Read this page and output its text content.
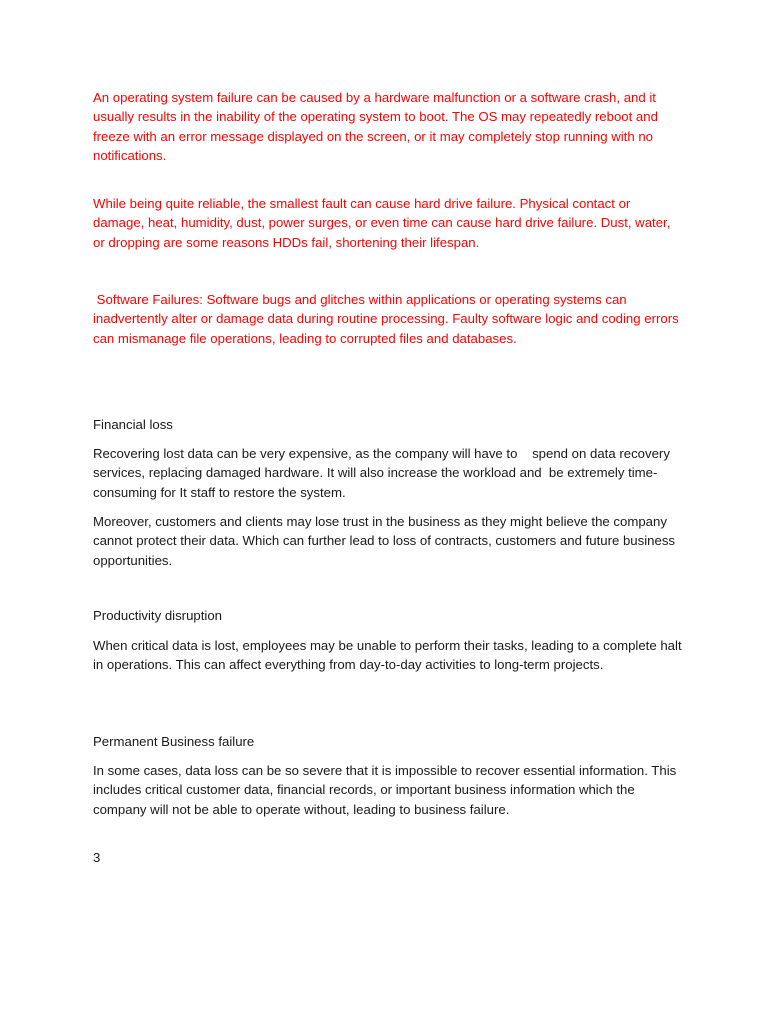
An operating system failure can be caused by a hardware malfunction or a software crash, and it usually results in the inability of the operating system to boot. The OS may repeatedly reboot and freeze with an error message displayed on the screen, or it may completely stop running with no notifications.

While being quite reliable, the smallest fault can cause hard drive failure. Physical contact or damage, heat, humidity, dust, power surges, or even time can cause hard drive failure. Dust, water, or dropping are some reasons HDDs fail, shortening their lifespan.

Software Failures: Software bugs and glitches within applications or operating systems can inadvertently alter or damage data during routine processing. Faulty software logic and coding errors can mismanage file operations, leading to corrupted files and databases.

Financial loss

Recovering lost data can be very expensive, as the company will have to    spend on data recovery services, replacing damaged hardware. It will also increase the workload and  be extremely time-consuming for It staff to restore the system.

Moreover, customers and clients may lose trust in the business as they might believe the company cannot protect their data. Which can further lead to loss of contracts, customers and future business opportunities.

Productivity disruption

When critical data is lost, employees may be unable to perform their tasks, leading to a complete halt in operations. This can affect everything from day-to-day activities to long-term projects.

Permanent Business failure

In some cases, data loss can be so severe that it is impossible to recover essential information. This includes critical customer data, financial records, or important business information which the company will not be able to operate without, leading to business failure.

3
